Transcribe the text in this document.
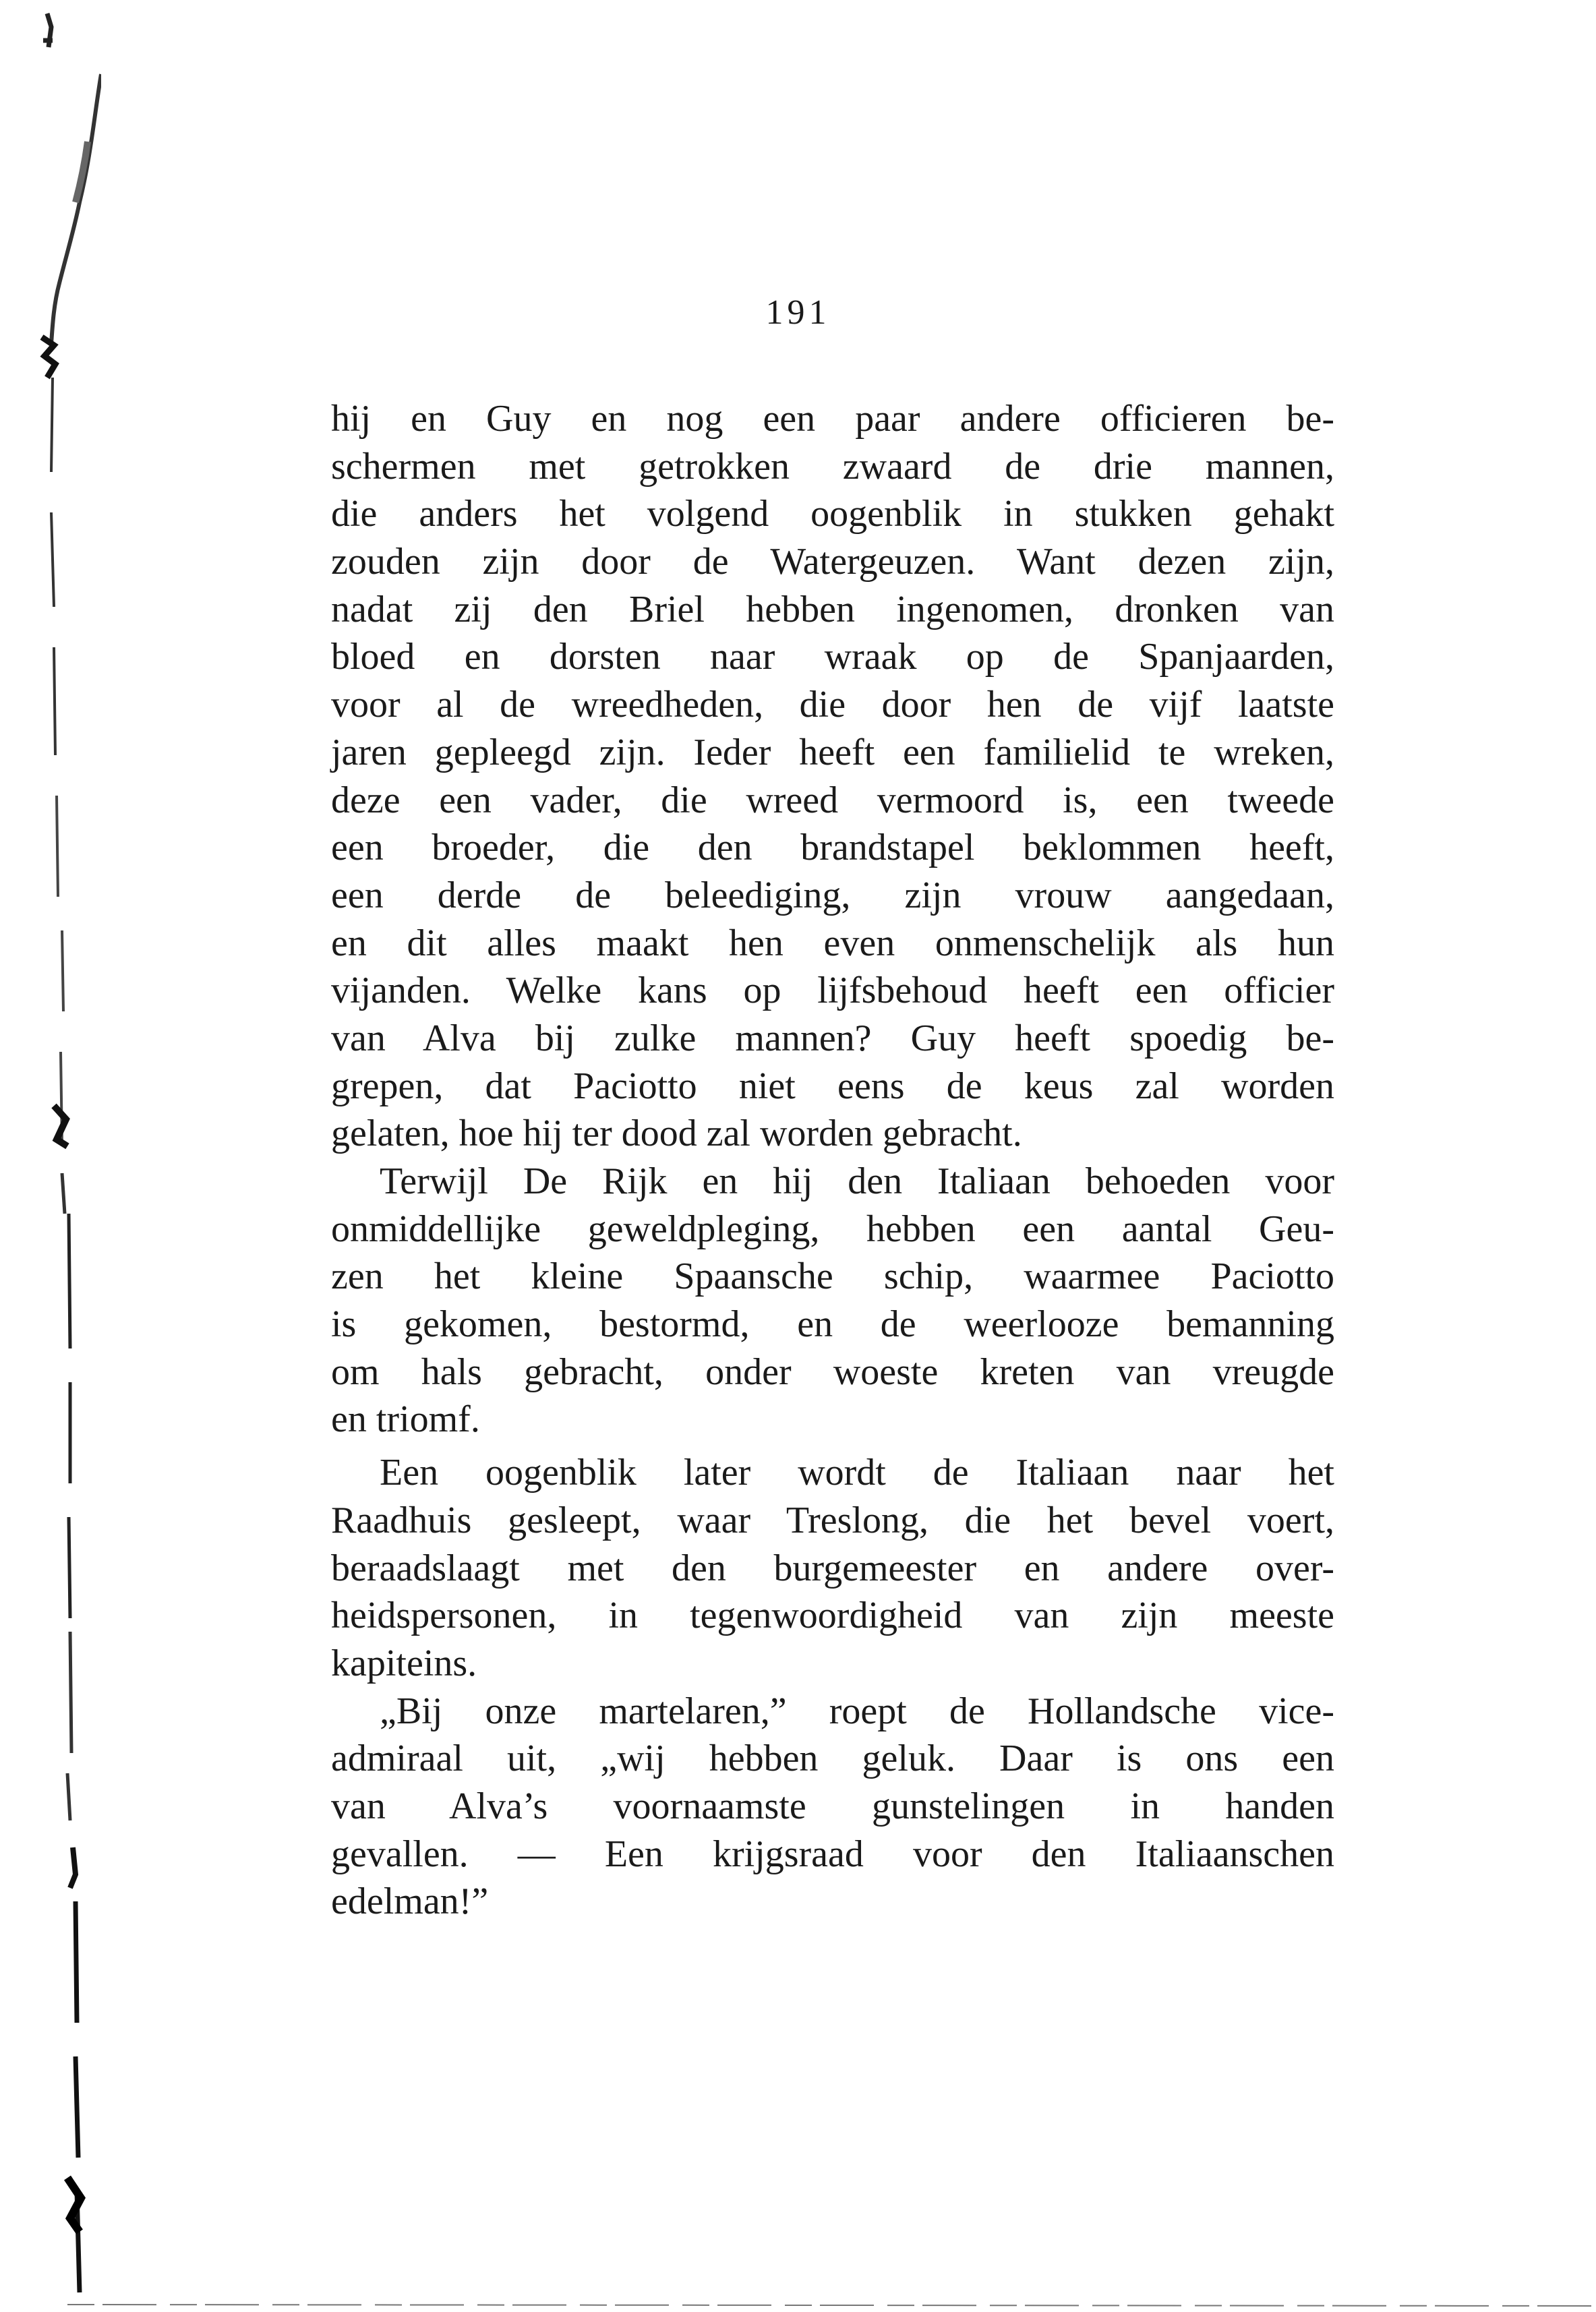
191
hij en Guy en nog een paar andere officieren be-
schermen met getrokken zwaard de drie mannen,
die anders het volgend oogenblik in stukken gehakt
zouden zijn door de Watergeuzen. Want dezen zijn,
nadat zij den Briel hebben ingenomen, dronken van
bloed en dorsten naar wraak op de Spanjaarden,
voor al de wreedheden, die door hen de vijf laatste
jaren gepleegd zijn. Ieder heeft een familielid te wreken,
deze een vader, die wreed vermoord is, een tweede
een broeder, die den brandstapel beklommen heeft,
een derde de beleediging, zijn vrouw aangedaan,
en dit alles maakt hen even onmenschelijk als hun
vijanden. Welke kans op lijfsbehoud heeft een officier
van Alva bij zulke mannen? Guy heeft spoedig be-
grepen, dat Paciotto niet eens de keus zal worden
gelaten, hoe hij ter dood zal worden gebracht.
Terwijl De Rijk en hij den Italiaan behoeden voor
onmiddellijke geweldpleging, hebben een aantal Geu-
zen het kleine Spaansche schip, waarmee Paciotto
is gekomen, bestormd, en de weerlooze bemanning
om hals gebracht, onder woeste kreten van vreugde
en triomf.
Een oogenblik later wordt de Italiaan naar het
Raadhuis gesleept, waar Treslong, die het bevel voert,
beraadslaagt met den burgemeester en andere over-
heidspersonen, in tegenwoordigheid van zijn meeste
kapiteins.
„Bij onze martelaren,” roept de Hollandsche vice-
admiraal uit, „wij hebben geluk. Daar is ons een
van Alva’s voornaamste gunstelingen in handen
gevallen. — Een krijgsraad voor den Italiaanschen
edelman!”
